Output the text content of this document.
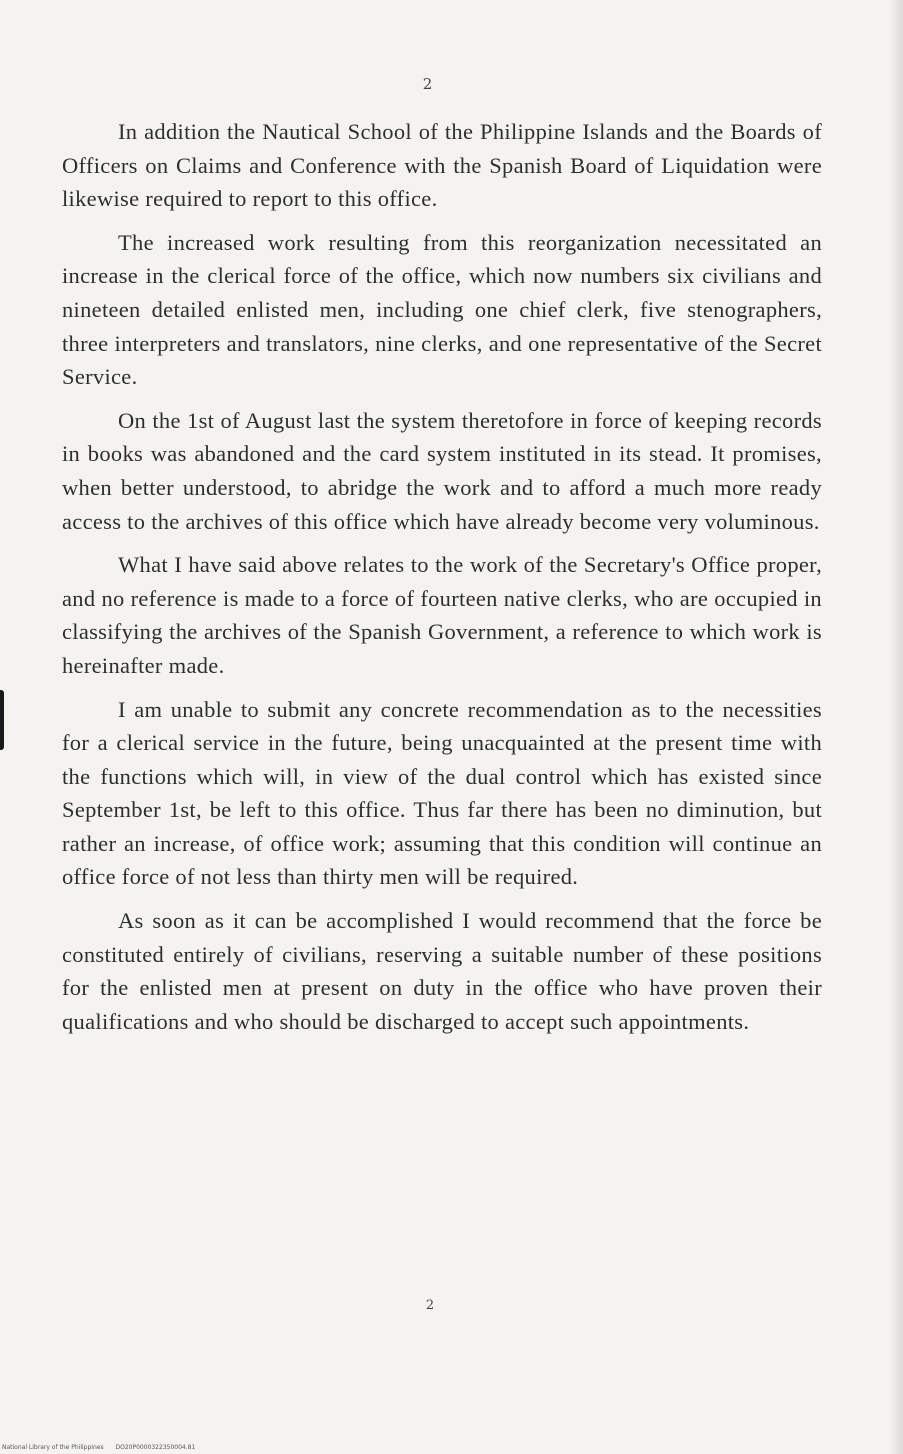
2

In addition the Nautical School of the Philippine Islands and the Boards of Officers on Claims and Conference with the Spanish Board of Liquidation were likewise required to report to this office.

The increased work resulting from this reorganization necessitated an increase in the clerical force of the office, which now numbers six civilians and nineteen detailed enlisted men, including one chief clerk, five stenographers, three interpreters and translators, nine clerks, and one representative of the Secret Service.

On the 1st of August last the system theretofore in force of keeping records in books was abandoned and the card system instituted in its stead. It promises, when better understood, to abridge the work and to afford a much more ready access to the archives of this office which have already become very voluminous.

What I have said above relates to the work of the Secretary's Office proper, and no reference is made to a force of fourteen native clerks, who are occupied in classifying the archives of the Spanish Government, a reference to which work is hereinafter made.

I am unable to submit any concrete recommendation as to the necessities for a clerical service in the future, being unacquainted at the present time with the functions which will, in view of the dual control which has existed since September 1st, be left to this office. Thus far there has been no diminution, but rather an increase, of office work; assuming that this condition will continue an office force of not less than thirty men will be required.

As soon as it can be accomplished I would recommend that the force be constituted entirely of civilians, reserving a suitable number of these positions for the enlisted men at present on duty in the office who have proven their qualifications and who should be discharged to accept such appointments.

2
National Library of the Philippines DO20P0000322350004.81
